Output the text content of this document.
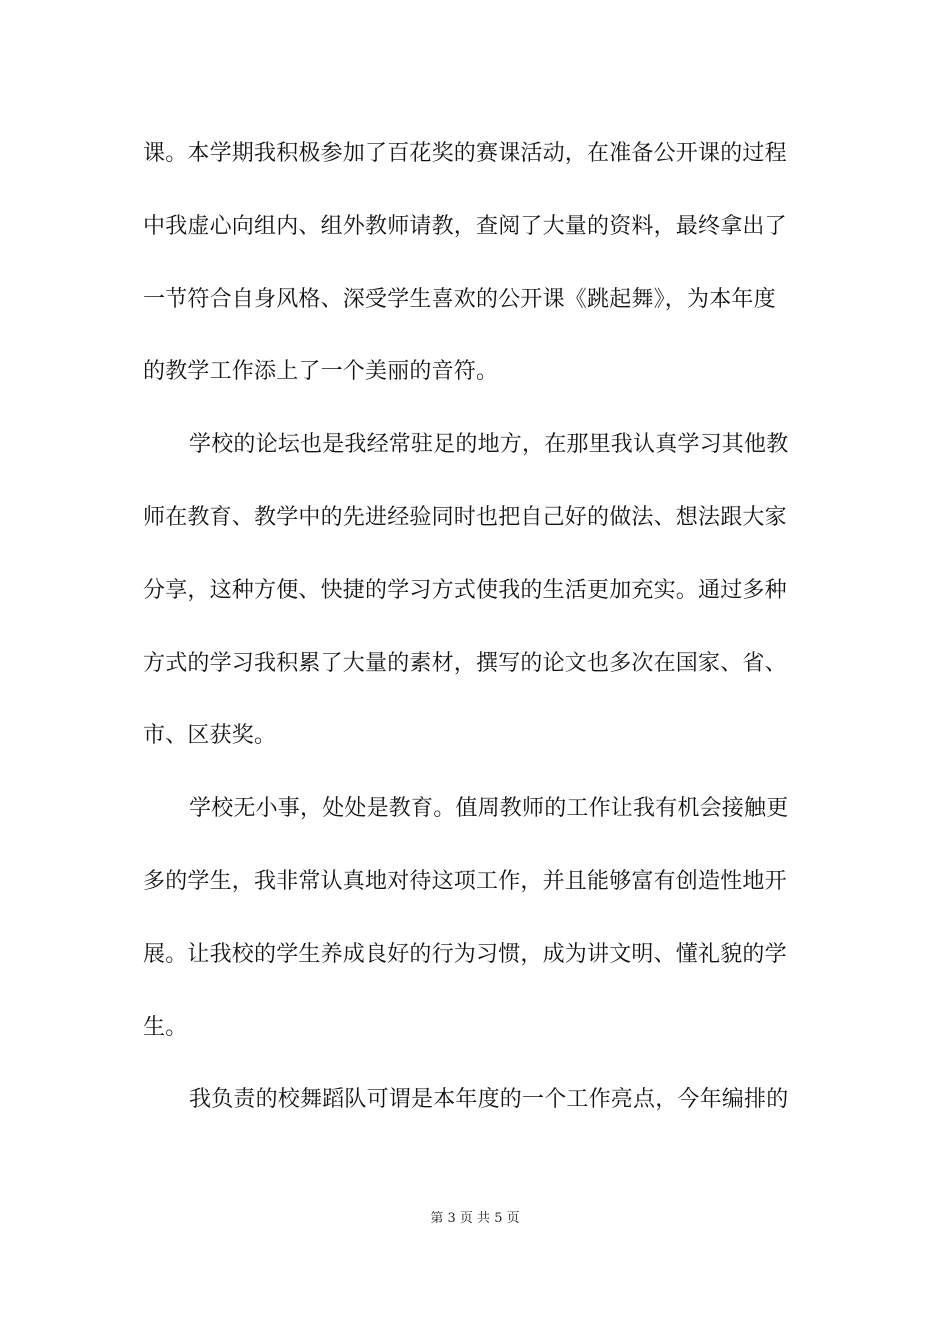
课。本学期我积极参加了百花奖的赛课活动，在准备公开课的过程
中我虚心向组内、组外教师请教，查阅了大量的资料，最终拿出了
一节符合自身风格、深受学生喜欢的公开课《跳起舞》，为本年度
的教学工作添上了一个美丽的音符。
学校的论坛也是我经常驻足的地方，在那里我认真学习其他教
师在教育、教学中的先进经验同时也把自己好的做法、想法跟大家
分享，这种方便、快捷的学习方式使我的生活更加充实。通过多种
方式的学习我积累了大量的素材，撰写的论文也多次在国家、省、
市、区获奖。
学校无小事，处处是教育。值周教师的工作让我有机会接触更
多的学生，我非常认真地对待这项工作，并且能够富有创造性地开
展。让我校的学生养成良好的行为习惯，成为讲文明、懂礼貌的学
生。
我负责的校舞蹈队可谓是本年度的一个工作亮点，今年编排的
第 3 页 共 5 页
